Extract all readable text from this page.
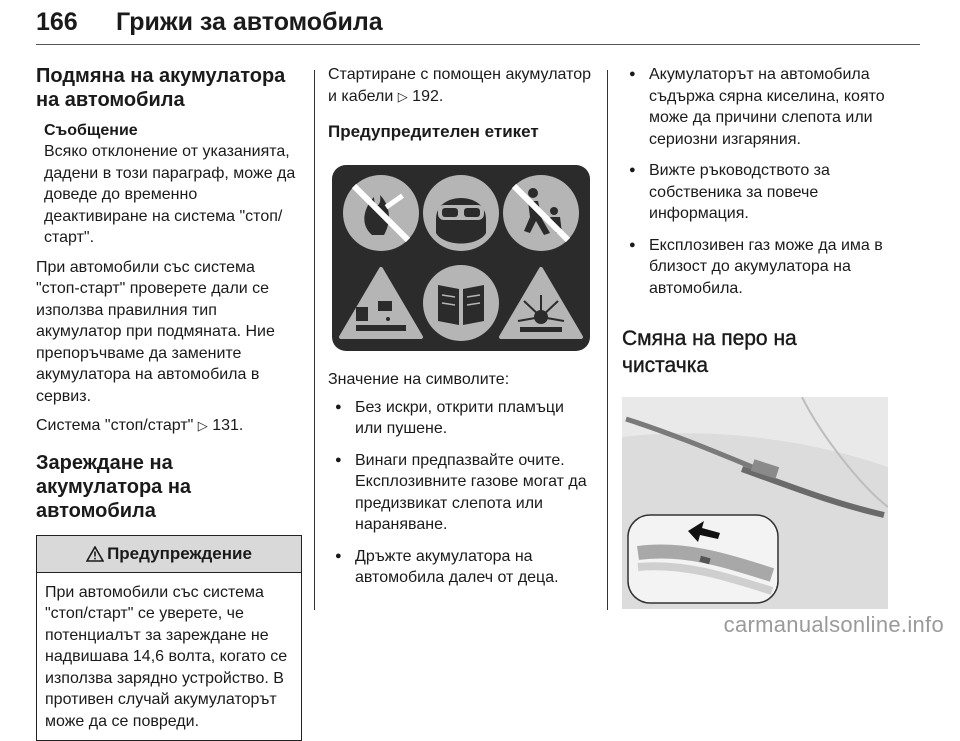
166 Грижи за автомобила
Подмяна на акумулатора на автомобила
Съобщение

Всяко отклонение от указанията, дадени в този параграф, може да доведе до временно деактивиране на система "стоп/старт".

При автомобили със система "стоп-старт" проверете дали се използва правилния тип акумулатор при подмяната. Ние препоръчваме да замените акумулатора на автомобила в сервиз.

Система "стоп/старт" ▷ 131.

Зареждане на акумулатора на автомобила
Предупреждение

При автомобили със система "стоп/старт" се уверете, че потенциалът за зареждане не надвишава 14,6 волта, когато се използва зарядно устройство. В противен случай акумулаторът може да се повреди.

Стартиране с помощен акумулатор и кабели ▷ 192.

Предупредителен етикет

Значение на символите:

● Без искри, открити пламъци или пушене.
● Винаги предпазвайте очите. Експлозивните газове могат да предизвикат слепота или нараняване.
● Дръжте акумулатора на автомобила далеч от деца.
● Акумулаторът на автомобила съдържа сярна киселина, която може да причини слепота или сериозни изгаряния.
● Вижте ръководството за собственика за повече информация.
● Експлозивен газ може да има в близост до акумулатора на автомобила.
Смяна на перо на чистачка
carmanualsonline.info
